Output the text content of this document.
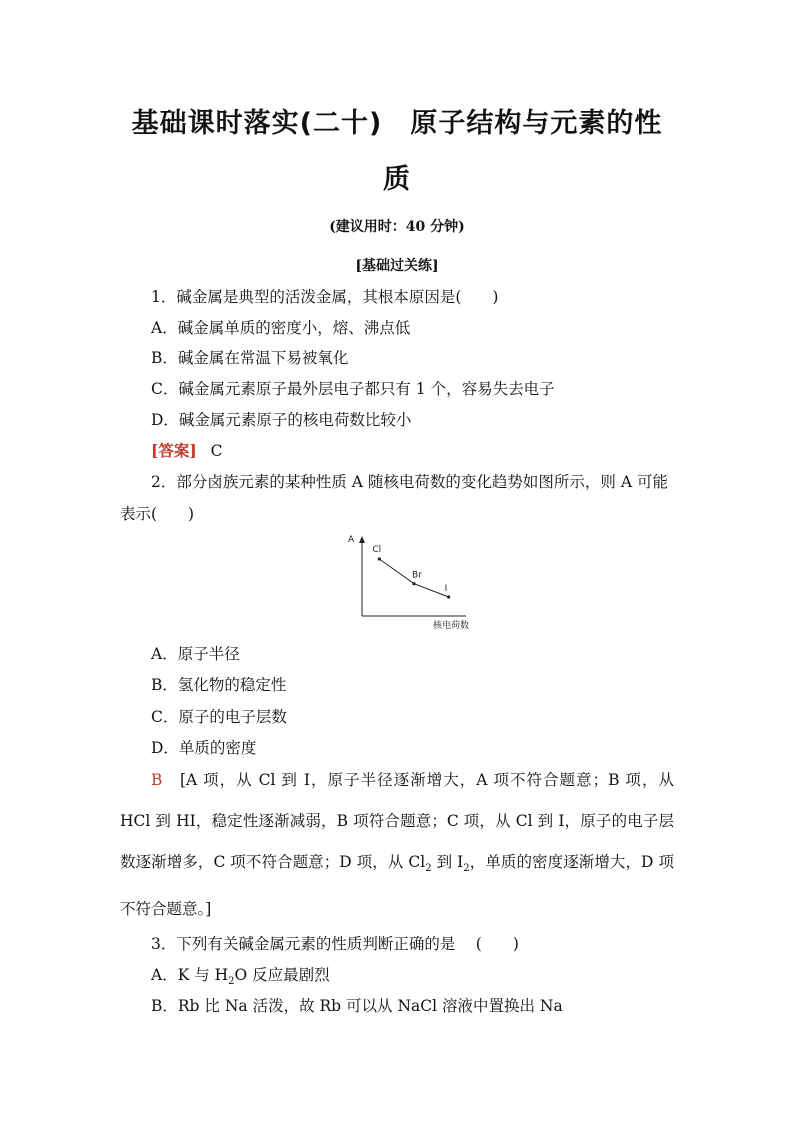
基础课时落实(二十)　原子结构与元素的性
质
(建议用时：40 分钟)
[基础过关练]
1．碱金属是典型的活泼金属，其根本原因是(　　)
A．碱金属单质的密度小，熔、沸点低
B．碱金属在常温下易被氧化
C．碱金属元素原子最外层电子都只有 1 个，容易失去电子
D．碱金属元素原子的核电荷数比较小
[答案] C
2．部分卤族元素的某种性质 A 随核电荷数的变化趋势如图所示，则 A 可能
表示(　　)
A
核电荷数
Cl
Br
I
A．原子半径
B．氢化物的稳定性
C．原子的电子层数
D．单质的密度
B　 [A 项，从 Cl 到 I，原子半径逐渐增大，A 项不符合题意；B 项，从 HCl 到 HI，稳定性逐渐减弱，B 项符合题意；C 项，从 Cl 到 I，原子的电子层数逐渐增多，C 项不符合题意；D 项，从 $Cl_2$ 到 $I_2$，单质的密度逐渐增大，D 项不符合题意。]
3．下列有关碱金属元素的性质判断正确的是　 (　　)
A．K 与 $H_2O$ 反应最剧烈
B．Rb 比 Na 活泼，故 Rb 可以从 NaCl 溶液中置换出 Na
